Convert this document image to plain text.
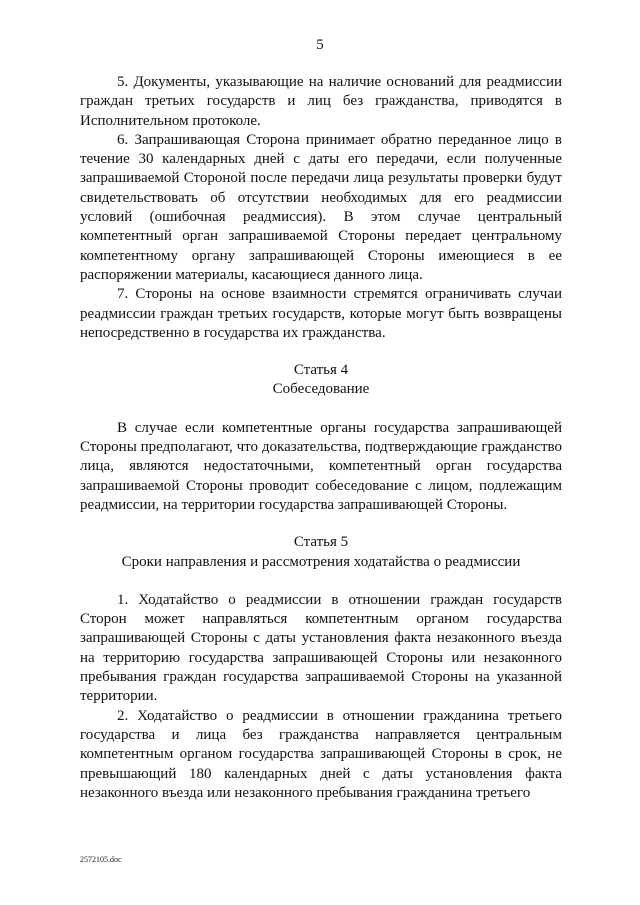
5

5. Документы, указывающие на наличие оснований для реадмиссии граждан третьих государств и лиц без гражданства, приводятся в Исполнительном протоколе.

6. Запрашивающая Сторона принимает обратно переданное лицо в течение 30 календарных дней с даты его передачи, если полученные запрашиваемой Стороной после передачи лица результаты проверки будут свидетельствовать об отсутствии необходимых для его реадмиссии условий (ошибочная реадмиссия). В этом случае центральный компетентный орган запрашиваемой Стороны передает центральному компетентному органу запрашивающей Стороны имеющиеся в ее распоряжении материалы, касающиеся данного лица.

7. Стороны на основе взаимности стремятся ограничивать случаи реадмиссии граждан третьих государств, которые могут быть возвращены непосредственно в государства их гражданства.

Статья 4

Собеседование

В случае если компетентные органы государства запрашивающей Стороны предполагают, что доказательства, подтверждающие гражданство лица, являются недостаточными, компетентный орган государства запрашиваемой Стороны проводит собеседование с лицом, подлежащим реадмиссии, на территории государства запрашивающей Стороны.

Статья 5

Сроки направления и рассмотрения ходатайства о реадмиссии

1. Ходатайство о реадмиссии в отношении граждан государств Сторон может направляться компетентным органом государства запрашивающей Стороны с даты установления факта незаконного въезда на территорию государства запрашивающей Стороны или незаконного пребывания граждан государства запрашиваемой Стороны на указанной территории.

2. Ходатайство о реадмиссии в отношении гражданина третьего государства и лица без гражданства направляется центральным компетентным органом государства запрашивающей Стороны в срок, не превышающий 180 календарных дней с даты установления факта незаконного въезда или незаконного пребывания гражданина третьего

2572105.doc
